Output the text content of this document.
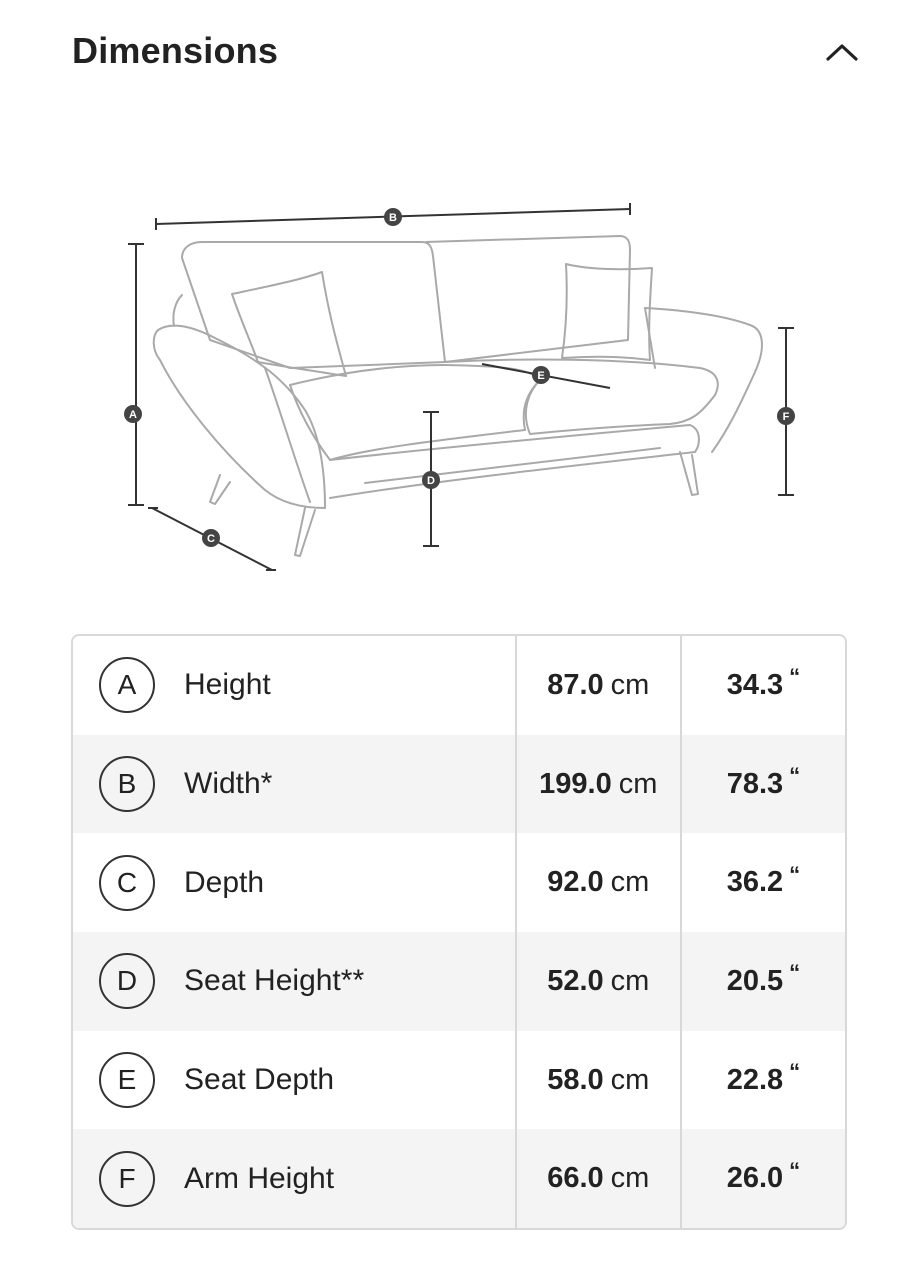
Dimensions
B
A
C
D
E
F
A	Height	87.0 cm	34.3 “
B	Width*	199.0 cm 78.3 “
C	Depth	92.0 cm	36.2 “
D	Seat Height**	52.0 cm	20.5 “
E	Seat Depth	58.0 cm	22.8 “
F	Arm Height	66.0 cm	26.0 “
